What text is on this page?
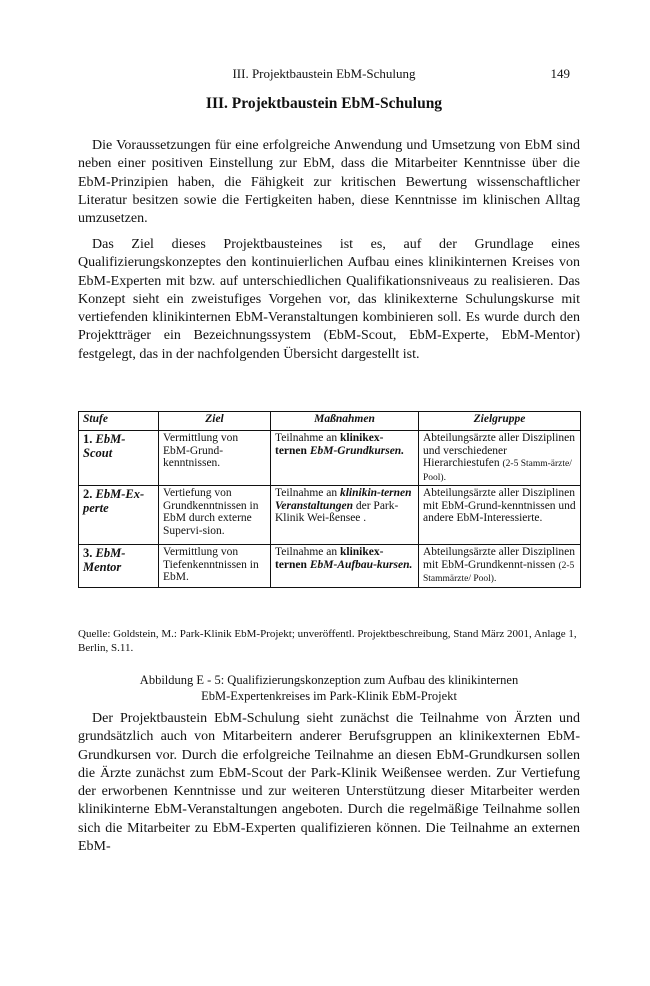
III. Projektbaustein EbM-Schulung	149
III. Projektbaustein EbM-Schulung

Die Voraussetzungen für eine erfolgreiche Anwendung und Umsetzung von EbM sind neben einer positiven Einstellung zur EbM, dass die Mitarbeiter Kenntnisse über die EbM-Prinzipien haben, die Fähigkeit zur kritischen Bewertung wissenschaftlicher Literatur besitzen sowie die Fertigkeiten haben, diese Kenntnisse im klinischen Alltag umzusetzen.

Das Ziel dieses Projektbausteines ist es, auf der Grundlage eines Qualifizierungskonzeptes den kontinuierlichen Aufbau eines klinikinternen Kreises von EbM-Experten mit bzw. auf unterschiedlichen Qualifikationsniveaus zu realisieren. Das Konzept sieht ein zweistufiges Vorgehen vor, das klinikexterne Schulungskurse mit vertiefenden klinikinternen EbM-Veranstaltungen kombinieren soll. Es wurde durch den Projektträger ein Bezeichnungssystem (EbM-Scout, EbM-Experte, EbM-Mentor) festgelegt, das in der nachfolgenden Übersicht dargestellt ist.

Stufe	Ziel	Maßnahmen	Zielgruppe
1. EbM-Scout	Vermittlung von EbM-Grund-kenntnissen.	Teilnahme an klinikex-ternen EbM-Grundkursen.	Abteilungsärzte aller Disziplinen und verschiedener Hierarchiestufen (2-5 Stamm-ärzte/ Pool).
2. EbM-Ex-perte	Vertiefung von Grundkenntnissen in EbM durch externe Supervi-sion.	Teilnahme an klinikin-ternen Veranstaltungen der Park-Klinik Wei-ßensee .	Abteilungsärzte aller Disziplinen mit EbM-Grund-kenntnissen und andere EbM-Interessierte.
3. EbM-Mentor	Vermittlung von Tiefenkenntnissen in EbM.	Teilnahme an klinikex-ternen EbM-Aufbau-kursen.	Abteilungsärzte aller Disziplinen mit EbM-Grundkennt-nissen (2-5 Stammärzte/ Pool).

Quelle: Goldstein, M.: Park-Klinik EbM-Projekt; unveröffentl. Projektbeschreibung, Stand März 2001, Anlage 1, Berlin, S.11.

Abbildung E - 5: Qualifizierungskonzeption zum Aufbau des klinikinternen
EbM-Expertenkreises im Park-Klinik EbM-Projekt

Der Projektbaustein EbM-Schulung sieht zunächst die Teilnahme von Ärzten und grundsätzlich auch von Mitarbeitern anderer Berufsgruppen an klinikexternen EbM-Grundkursen vor. Durch die erfolgreiche Teilnahme an diesen EbM-Grundkursen sollen die Ärzte zunächst zum EbM-Scout der Park-Klinik Weißensee werden. Zur Vertiefung der erworbenen Kenntnisse und zur weiteren Unterstützung dieser Mitarbeiter werden klinikinterne EbM-Veranstaltungen angeboten. Durch die regelmäßige Teilnahme sollen sich die Mitarbeiter zu EbM-Experten qualifizieren können. Die Teilnahme an externen EbM-
